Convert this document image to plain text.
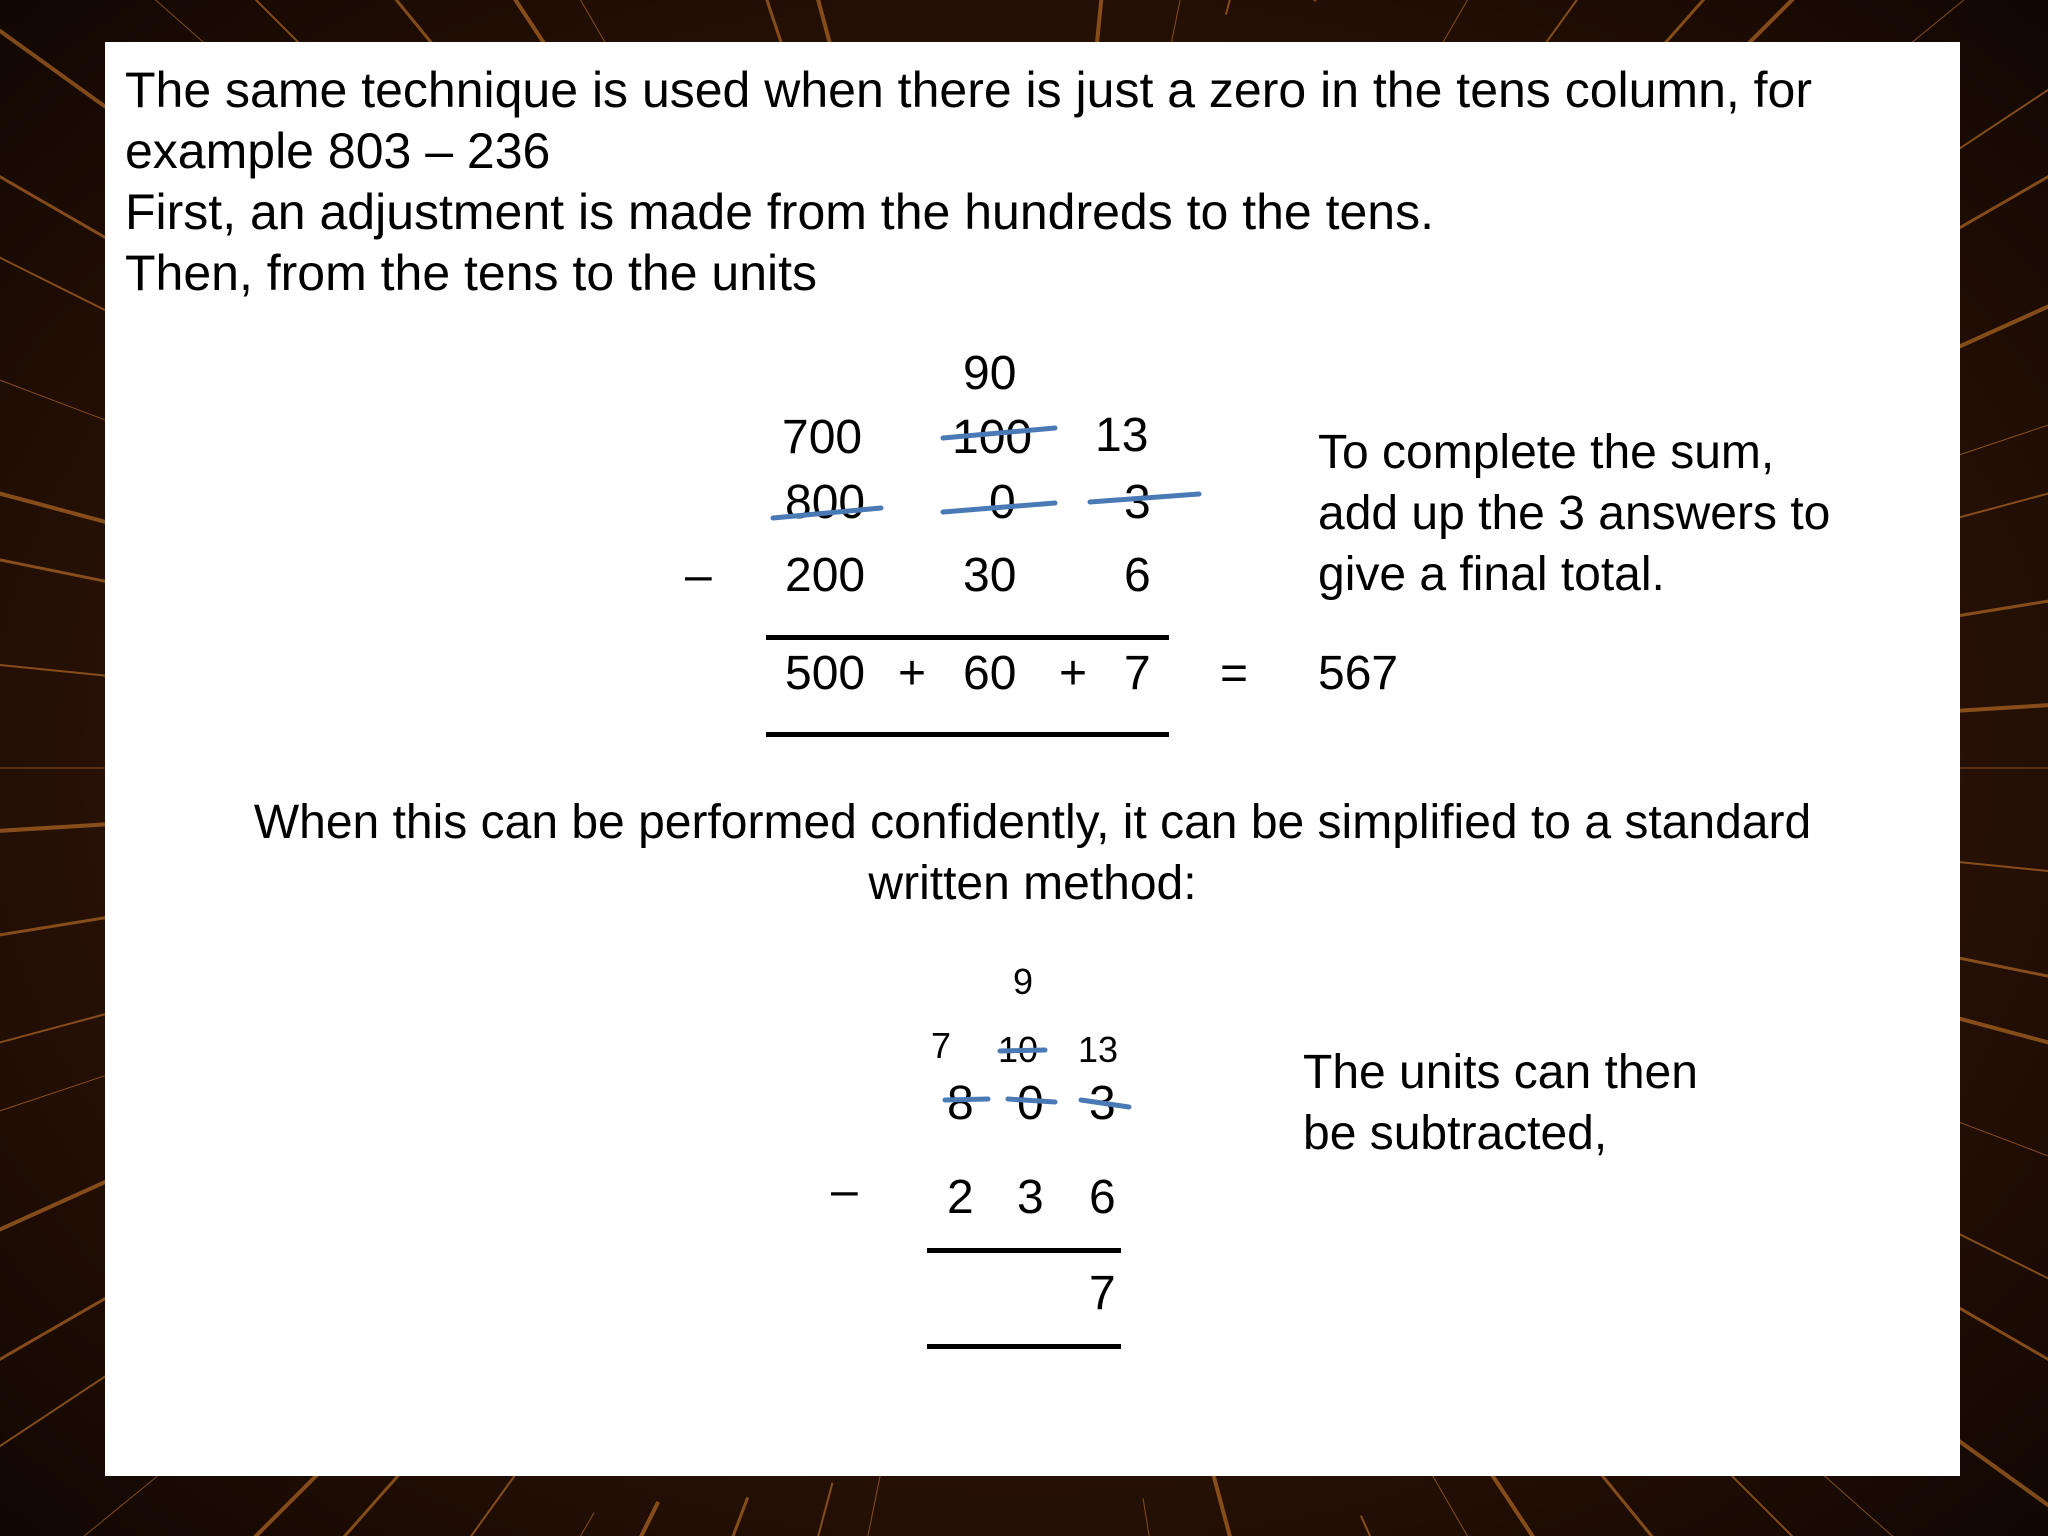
The same technique is used when there is just a zero in the tens column, for
example 803 – 236
First, an adjustment is made from the hundreds to the tens.
Then, from the tens to the units
90
700 100 13
800	0 3
– 200 30 6
500 + 60 + 7 = 567
To complete the sum,
add up the 3 answers to
give a final total.
When this can be performed confidently, it can be simplified to a standard
written method:
9
7 10 13
8 0 3
– 2 3 6
7
The units can then
be subtracted,
